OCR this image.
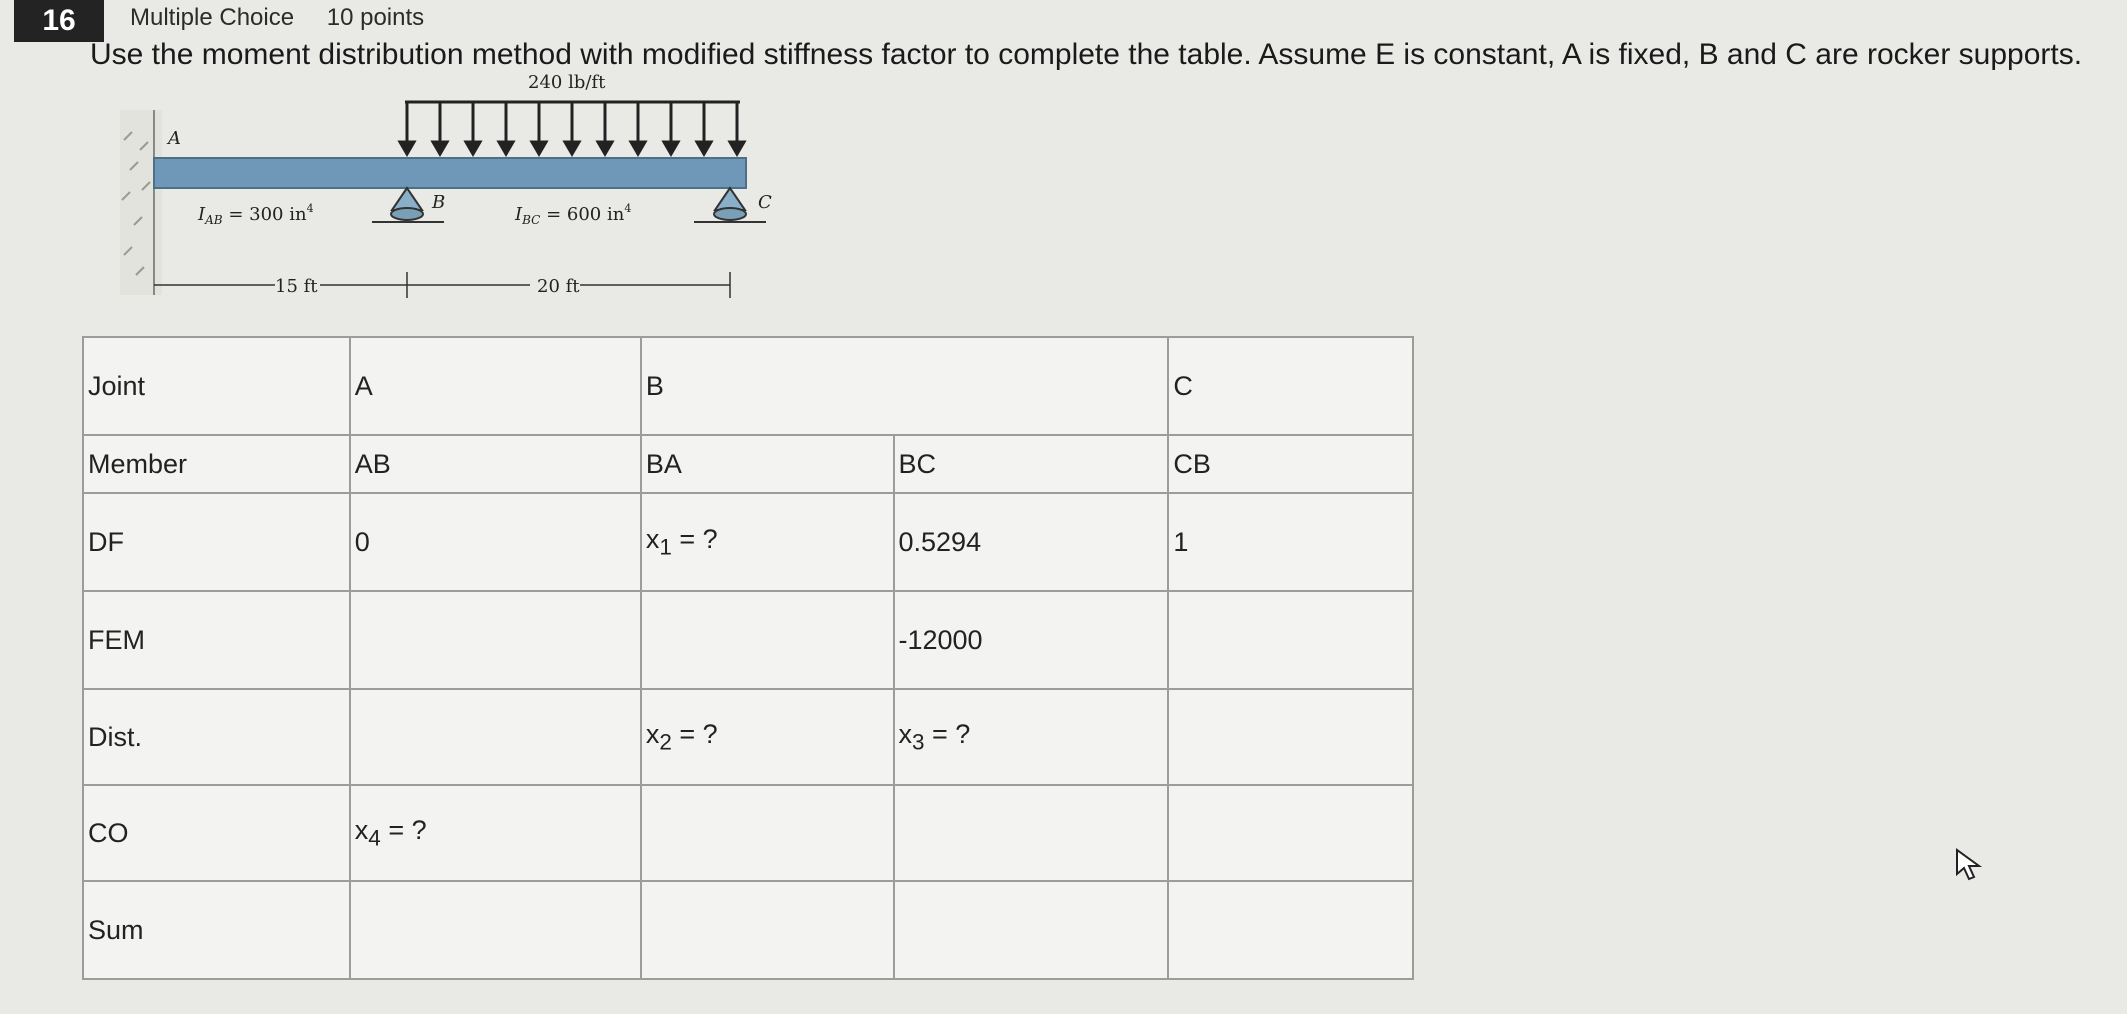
16	Multiple Choice 10 points
Use the moment distribution method with modified stiffness factor to complete the table. Assume E is constant, A is fixed, B and C are rocker supports.
240 lb/ft
A
B	C
$I_{AB} = 300$ $in^4$	$I_{BC} = 600$ $in^4$
15 ft	20 ft
Joint	A	B		C
Member	AB	BA	BC	CB
DF	0	$x_1$ = ?	0.5294	1
FEM			-12000	
Dist.		$x_2$ = ?	$x_3$ = ?	
CO	$x_4$ = ?			
Sum				
